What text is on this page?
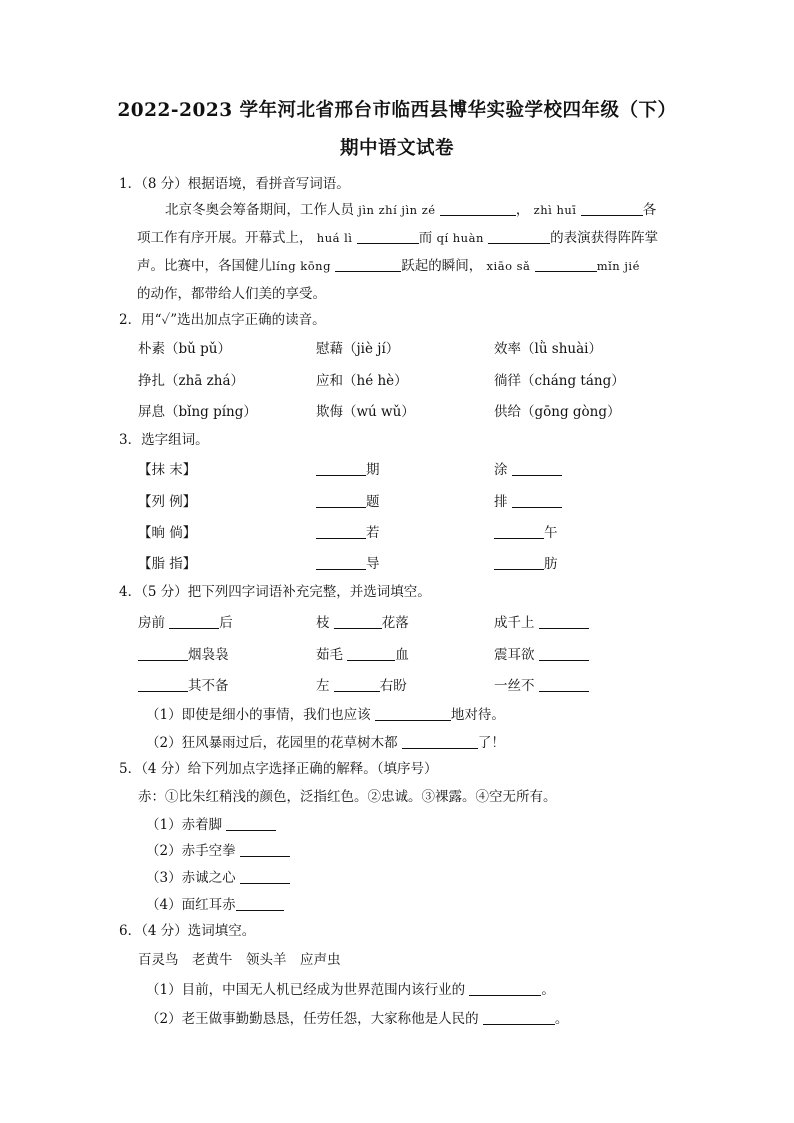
2022-2023 学年河北省邢台市临西县博华实验学校四年级（下）
期中语文试卷
1．（8 分）根据语境，看拼音写词语。
北京冬奥会筹备期间，工作人员 jìn zhí jìn zé	， zhì huī	各
项工作有序开展。开幕式上， huá lì	而 qí huàn	的表演获得阵阵掌
声。比赛中，各国健儿líng kōng	跃起的瞬间， xiāo sǎ	mǐn jié
的动作，都带给人们美的享受。
2．用“✓”选出加点字正确的读音。
朴素（bǔ pǔ）	慰藉（jiè jí）	效率（lǜ shuài）
挣扎（zhā zhá）	应和（hé hè）	徜徉（cháng táng）
屏息（bǐng píng）	欺侮（wú wǔ）	供给（gōng gòng）
3．选字组词。
【抹 末】	期	涂
【列 例】	题	排
【晌 倘】	若	午
【脂 指】	导	肪
4．（5 分）把下列四字词语补充完整，并选词填空。
房前	后	枝	花落	成千上
烟袅袅	茹毛	血	震耳欲
其不备	左	右盼	一丝不
（1）即使是细小的事情，我们也应该	地对待。
（2）狂风暴雨过后，花园里的花草树木都	了！
5．（4 分）给下列加点字选择正确的解释。（填序号）
赤：①比朱红稍浅的颜色，泛指红色。②忠诚。③裸露。④空无所有。
（1）赤着脚
（2）赤手空拳
（3）赤诚之心
（4）面红耳赤
6．（4 分）选词填空。
百灵鸟　老黄牛　领头羊　应声虫
（1）目前，中国无人机已经成为世界范围内该行业的	。
（2）老王做事勤勤恳恳，任劳任怨，大家称他是人民的	。
